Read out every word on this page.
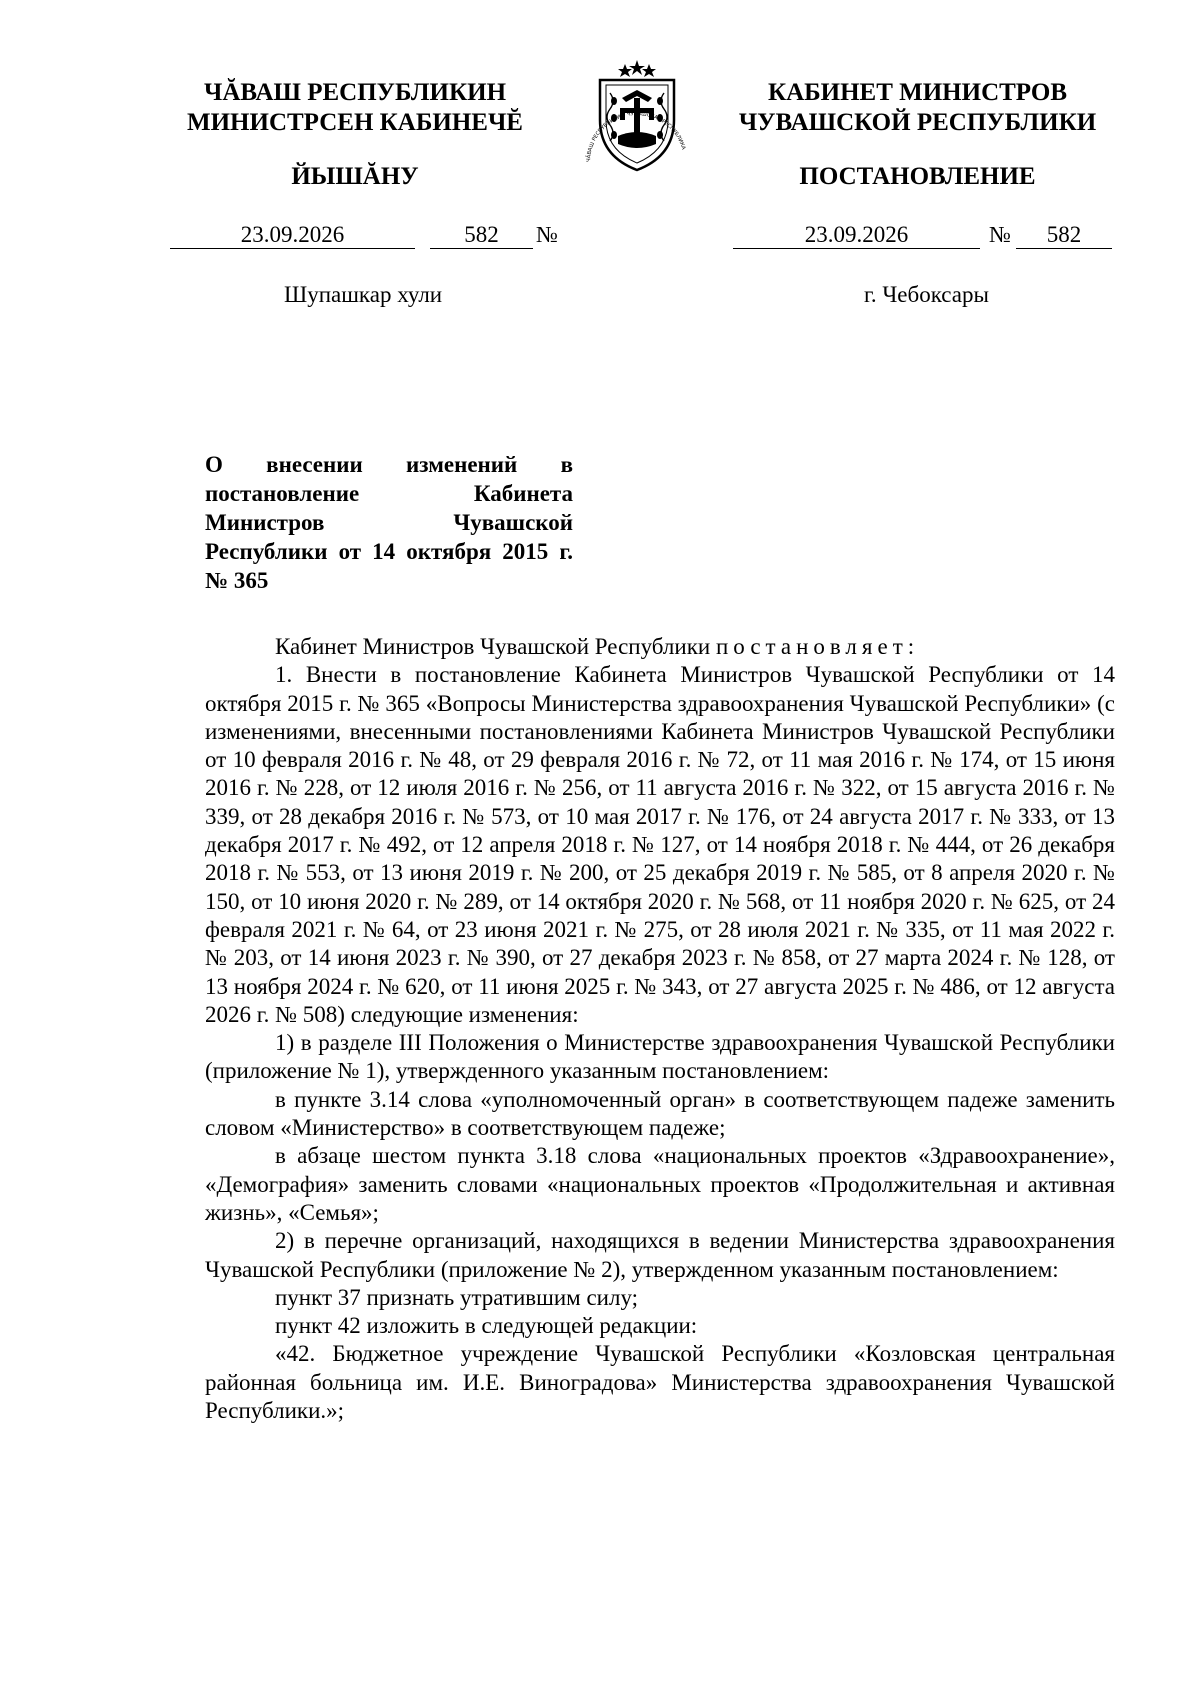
ЧĂВАШ РЕСПУБЛИКИН
МИНИСТРСЕН КАБИНЕЧĔ
ЙЫШĂНУ
ЧĂВАШ РЕСПУБЛИКИ • ЧУВАШСКАЯ РЕСПУБЛИКА
КАБИНЕТ МИНИСТРОВ
ЧУВАШСКОЙ РЕСПУБЛИКИ
ПОСТАНОВЛЕНИЕ
23.09.2026	582	№	23.09.2026	№	582
Шупашкар хули	г. Чебоксары
О внесении изменений в постановление Кабинета Министров Чувашской Республики от 14 октября 2015 г. № 365

Кабинет Министров Чувашской Республики постановляет:

1. Внести в постановление Кабинета Министров Чувашской Республики от 14 октября 2015 г. № 365 «Вопросы Министерства здравоохранения Чувашской Республики» (с изменениями, внесенными постановлениями Кабинета Министров Чувашской Республики от 10 февраля 2016 г. № 48, от 29 февраля 2016 г. № 72, от 11 мая 2016 г. № 174, от 15 июня 2016 г. № 228, от 12 июля 2016 г. № 256, от 11 августа 2016 г. № 322, от 15 августа 2016 г. № 339, от 28 декабря 2016 г. № 573, от 10 мая 2017 г. № 176, от 24 августа 2017 г. № 333, от 13 декабря 2017 г. № 492, от 12 апреля 2018 г. № 127, от 14 ноября 2018 г. № 444, от 26 декабря 2018 г. № 553, от 13 июня 2019 г. № 200, от 25 декабря 2019 г. № 585, от 8 апреля 2020 г. № 150, от 10 июня 2020 г. № 289, от 14 октября 2020 г. № 568, от 11 ноября 2020 г. № 625, от 24 февраля 2021 г. № 64, от 23 июня 2021 г. № 275, от 28 июля 2021 г. № 335, от 11 мая 2022 г. № 203, от 14 июня 2023 г. № 390, от 27 декабря 2023 г. № 858, от 27 марта 2024 г. № 128, от 13 ноября 2024 г. № 620, от 11 июня 2025 г. № 343, от 27 августа 2025 г. № 486, от 12 августа 2026 г. № 508) следующие изменения:

1) в разделе III Положения о Министерстве здравоохранения Чувашской Республики (приложение № 1), утвержденного указанным постановлением:

в пункте 3.14 слова «уполномоченный орган» в соответствующем падеже заменить словом «Министерство» в соответствующем падеже;

в абзаце шестом пункта 3.18 слова «национальных проектов «Здравоохранение», «Демография» заменить словами «национальных проектов «Продолжительная и активная жизнь», «Семья»;

2) в перечне организаций, находящихся в ведении Министерства здравоохранения Чувашской Республики (приложение № 2), утвержденном указанным постановлением:

пункт 37 признать утратившим силу;

пункт 42 изложить в следующей редакции:

«42. Бюджетное учреждение Чувашской Республики «Козловская центральная районная больница им. И.Е. Виноградова» Министерства здравоохранения Чувашской Республики.»;
